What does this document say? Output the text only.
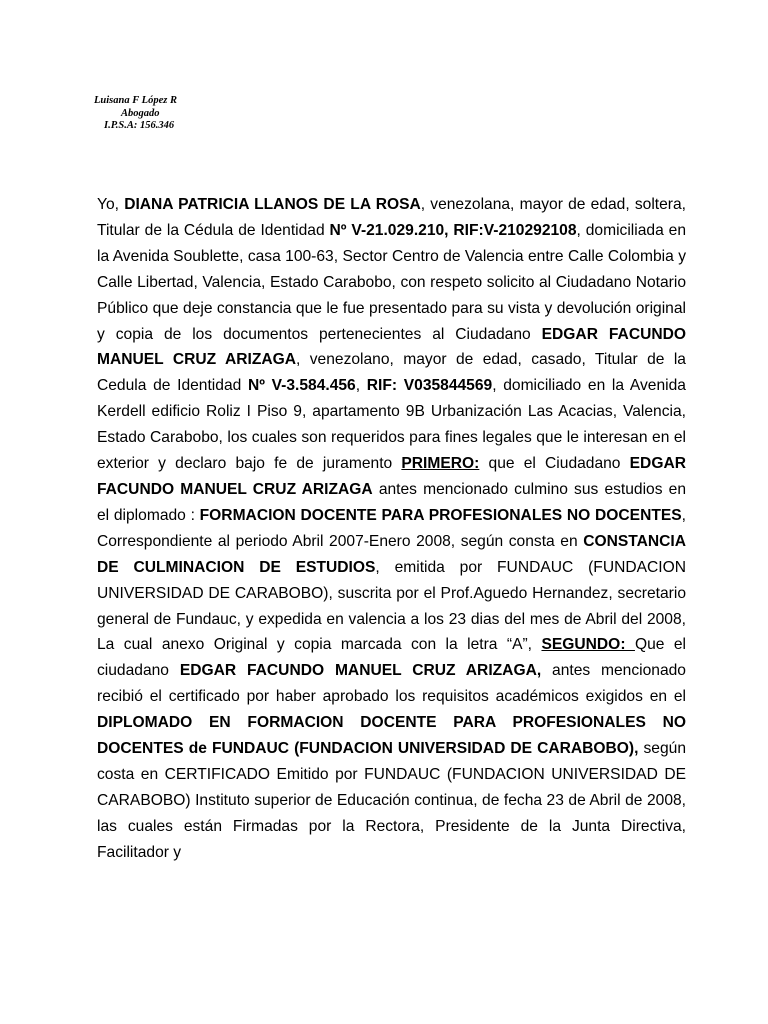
Luisana F López R
Abogado
I.P.S.A: 156.346

Yo, DIANA PATRICIA LLANOS DE LA ROSA, venezolana, mayor de edad, soltera, Titular de la Cédula de Identidad Nº V-21.029.210, RIF:V-210292108, domiciliada en la Avenida Soublette, casa 100-63, Sector Centro de Valencia entre Calle Colombia y Calle Libertad, Valencia, Estado Carabobo, con respeto solicito al Ciudadano Notario Público que deje constancia que le fue presentado para su vista y devolución original y copia de los documentos pertenecientes al Ciudadano EDGAR FACUNDO MANUEL CRUZ ARIZAGA, venezolano, mayor de edad, casado, Titular de la Cedula de Identidad Nº V-3.584.456, RIF: V035844569, domiciliado en la Avenida Kerdell edificio Roliz I Piso 9, apartamento 9B Urbanización Las Acacias, Valencia, Estado Carabobo, los cuales son requeridos para fines legales que le interesan en el exterior y declaro bajo fe de juramento PRIMERO: que el Ciudadano EDGAR FACUNDO MANUEL CRUZ ARIZAGA antes mencionado culmino sus estudios en el diplomado : FORMACION DOCENTE PARA PROFESIONALES NO DOCENTES, Correspondiente al periodo Abril 2007-Enero 2008, según consta en CONSTANCIA DE CULMINACION DE ESTUDIOS, emitida por FUNDAUC (FUNDACION UNIVERSIDAD DE CARABOBO), suscrita por el Prof.Aguedo Hernandez, secretario general de Fundauc, y expedida en valencia a los 23 dias del mes de Abril del 2008, La cual anexo Original y copia marcada con la letra “A”, SEGUNDO: Que el ciudadano EDGAR FACUNDO MANUEL CRUZ ARIZAGA, antes mencionado recibió el certificado por haber aprobado los requisitos académicos exigidos en el DIPLOMADO EN FORMACION DOCENTE PARA PROFESIONALES NO DOCENTES de FUNDAUC (FUNDACION UNIVERSIDAD DE CARABOBO), según costa en CERTIFICADO Emitido por FUNDAUC (FUNDACION UNIVERSIDAD DE CARABOBO) Instituto superior de Educación continua, de fecha 23 de Abril de 2008, las cuales están Firmadas por la Rectora, Presidente de la Junta Directiva, Facilitador y
